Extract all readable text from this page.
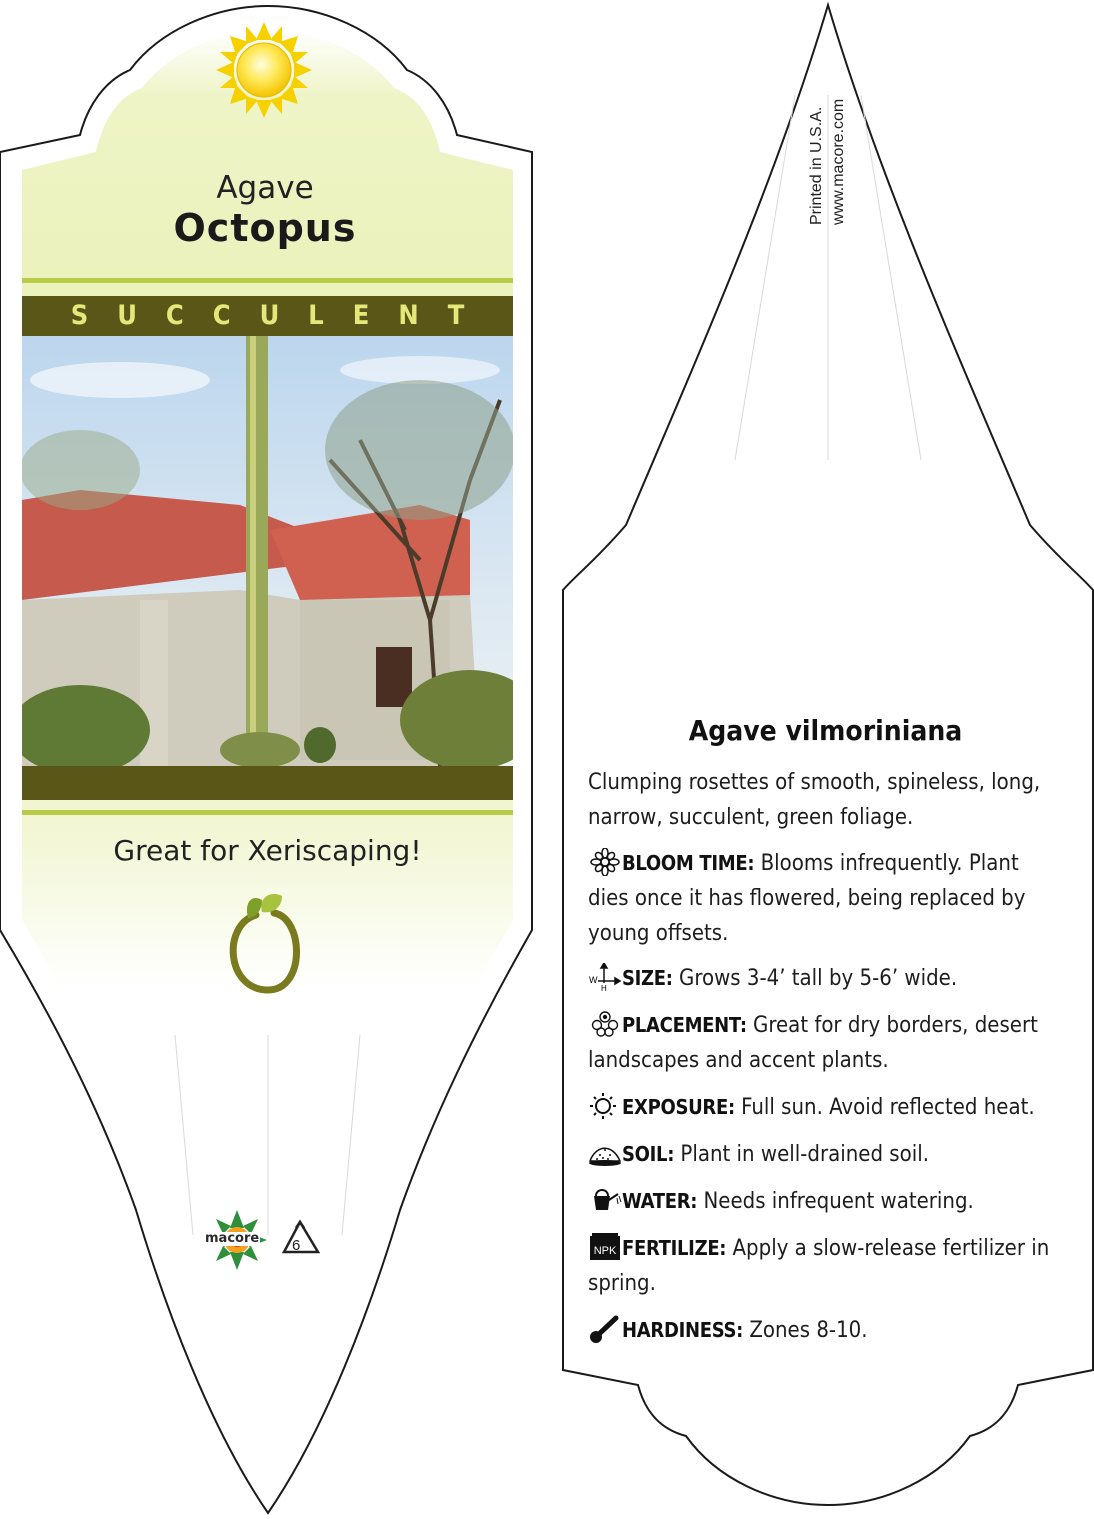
Agave
Octopus
SUCCULENT
Great for Xeriscaping!
macore 6
Printed in U.S.A. www.macore.com
Agave vilmoriniana
Clumping rosettes of smooth, spineless, long, narrow, succulent, green foliage.
BLOOM TIME: Blooms infrequently. Plant dies once it has flowered, being replaced by young offsets.
W
H SIZE: Grows 3-4’ tall by 5-6’ wide.
PLACEMENT: Great for dry borders, desert landscapes and accent plants.
EXPOSURE: Full sun. Avoid reflected heat.
SOIL: Plant in well-drained soil.
WATER: Needs infrequent watering.
NPK FERTILIZE: Apply a slow-release fertilizer in spring.
HARDINESS: Zones 8-10.
